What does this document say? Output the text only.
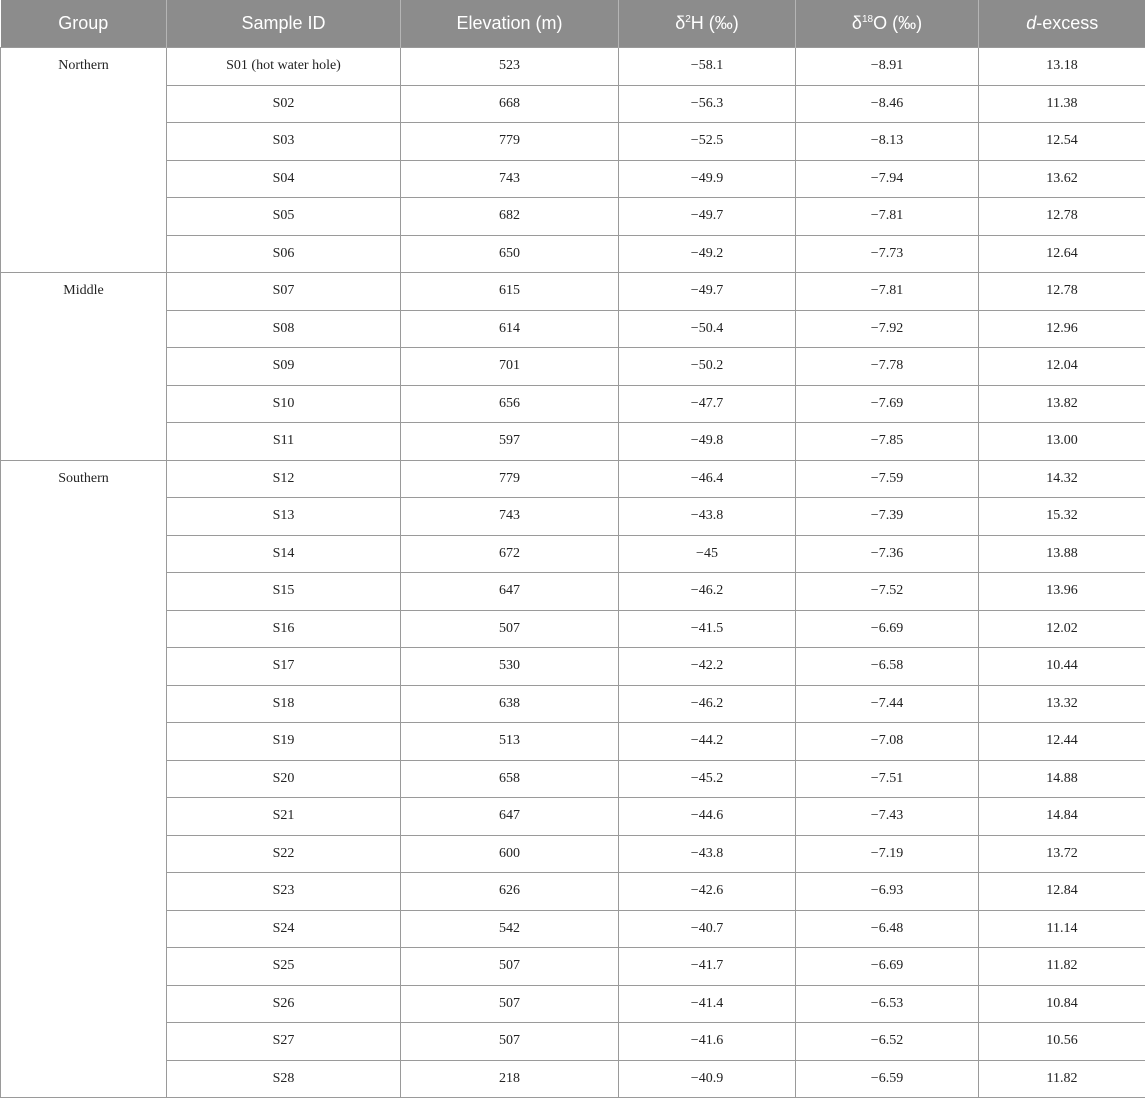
Group	Sample ID	Elevation (m)	$\delta^2H$ (‰)	$\delta^{18}O$ (‰)	d-excess
Northern	S01 (hot water hole)	523	−58.1	−8.91	13.18
	S02	668	−56.3	−8.46	11.38
	S03	779	−52.5	−8.13	12.54
	S04	743	−49.9	−7.94	13.62
	S05	682	−49.7	−7.81	12.78
	S06	650	−49.2	−7.73	12.64
Middle	S07	615	−49.7	−7.81	12.78
	S08	614	−50.4	−7.92	12.96
	S09	701	−50.2	−7.78	12.04
	S10	656	−47.7	−7.69	13.82
	S11	597	−49.8	−7.85	13.00
Southern	S12	779	−46.4	−7.59	14.32
	S13	743	−43.8	−7.39	15.32
	S14	672	−45	−7.36	13.88
	S15	647	−46.2	−7.52	13.96
	S16	507	−41.5	−6.69	12.02
	S17	530	−42.2	−6.58	10.44
	S18	638	−46.2	−7.44	13.32
	S19	513	−44.2	−7.08	12.44
	S20	658	−45.2	−7.51	14.88
	S21	647	−44.6	−7.43	14.84
	S22	600	−43.8	−7.19	13.72
	S23	626	−42.6	−6.93	12.84
	S24	542	−40.7	−6.48	11.14
	S25	507	−41.7	−6.69	11.82
	S26	507	−41.4	−6.53	10.84
	S27	507	−41.6	−6.52	10.56
	S28	218	−40.9	−6.59	11.82
